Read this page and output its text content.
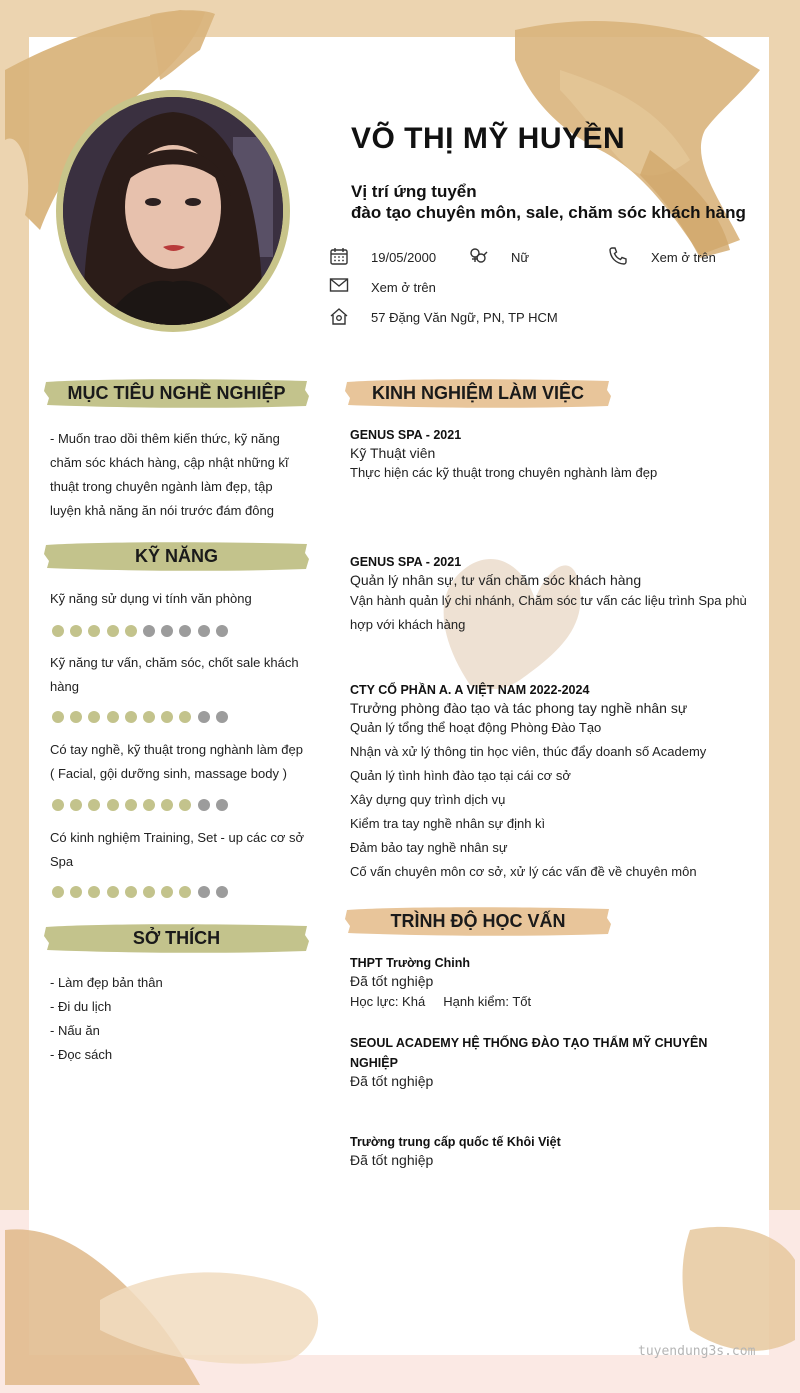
VÕ THỊ MỸ HUYỀN
Vị trí ứng tuyển
đào tạo chuyên môn, sale, chăm sóc khách hàng
19/05/2000	Nữ	Xem ở trên
Xem ở trên
57 Đặng Văn Ngữ, PN, TP HCM
MỤC TIÊU NGHỀ NGHIỆP
- Muốn trao dồi thêm kiến thức, kỹ năng
chăm sóc khách hàng, cập nhật những kĩ
thuật trong chuyên ngành làm đẹp, tập
luyện khả năng ăn nói trước đám đông
KỸ NĂNG
Kỹ năng sử dụng vi tính văn phòng
Kỹ năng tư vấn, chăm sóc, chốt sale khách
hàng
Có tay nghề, kỹ thuật trong nghành làm đẹp
( Facial, gội dưỡng sinh, massage body )
Có kinh nghiệm Training, Set - up các cơ sở
Spa
SỞ THÍCH
- Làm đẹp bản thân
- Đi du lịch
- Nấu ăn
- Đọc sách
KINH NGHIỆM LÀM VIỆC
GENUS SPA - 2021
Kỹ Thuật viên
Thực hiện các kỹ thuật trong chuyên nghành làm đẹp
GENUS SPA - 2021
Quản lý nhân sự, tư vấn chăm sóc khách hàng
Vận hành quản lý chi nhánh, Chăm sóc tư vấn các liệu trình Spa phù
hợp với khách hàng
CTY CỔ PHẦN A. A VIỆT NAM 2022-2024
Trưởng phòng đào tạo và tác phong tay nghề nhân sự
Quản lý tổng thể hoạt động Phòng Đào Tạo
Nhận và xử lý thông tin học viên, thúc đẩy doanh số Academy
Quản lý tình hình đào tạo tại cái cơ sở
Xây dựng quy trình dịch vụ
Kiểm tra tay nghề nhân sự định kì
Đảm bảo tay nghề nhân sự
Cố vấn chuyên môn cơ sở, xử lý các vấn đề về chuyên môn
TRÌNH ĐỘ HỌC VẤN
THPT Trường Chinh
Đã tốt nghiệp
Học lực: Khá     Hạnh kiểm: Tốt
SEOUL ACADEMY HỆ THỐNG ĐÀO TẠO THẨM MỸ CHUYÊN
NGHIỆP
Đã tốt nghiệp
Trường trung cấp quốc tế Khôi Việt
Đã tốt nghiệp
tuyendung3s.com
